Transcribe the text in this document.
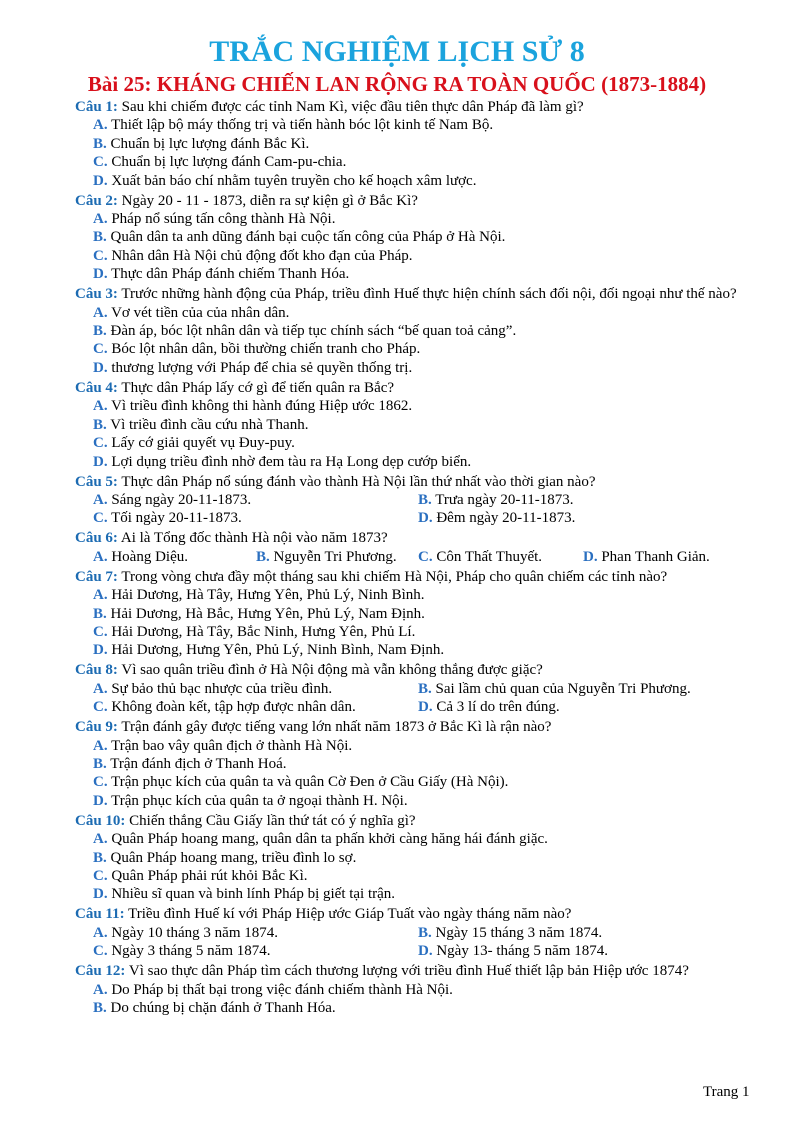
TRẮC NGHIỆM LỊCH SỬ 8
Bài 25: KHÁNG CHIẾN LAN RỘNG RA TOÀN QUỐC (1873-1884)
Câu 1: Sau khi chiếm được các tỉnh Nam Kì, việc đầu tiên thực dân Pháp đã làm gì?
A. Thiết lập bộ máy thống trị và tiến hành bóc lột kinh tế Nam Bộ.
B. Chuẩn bị lực lượng đánh Bắc Kì.
C. Chuẩn bị lực lượng đánh Cam-pu-chia.
D. Xuất bản báo chí nhằm tuyên truyền cho kế hoạch xâm lược.
Câu 2: Ngày 20 - 11 - 1873, diễn ra sự kiện gì ở Bắc Kì?
A. Pháp nổ súng tấn công thành Hà Nội.
B. Quân dân ta anh dũng đánh bại cuộc tấn công của Pháp ở Hà Nội.
C. Nhân dân Hà Nội chủ động đốt kho đạn của Pháp.
D. Thực dân Pháp đánh chiếm Thanh Hóa.
Câu 3: Trước những hành động của Pháp, triều đình Huế thực hiện chính sách đối nội, đối ngoại như thế nào?
A. Vơ vét tiền của của nhân dân.
B. Đàn áp, bóc lột nhân dân và tiếp tục chính sách “bế quan toả cảng”.
C. Bóc lột nhân dân, bồi thường chiến tranh cho Pháp.
D. thương lượng với Pháp để chia sẻ quyền thống trị.
Câu 4: Thực dân Pháp lấy cớ gì để tiến quân ra Bắc?
A. Vì triều đình không thi hành đúng Hiệp ước 1862.
B. Vì triều đình cầu cứu nhà Thanh.
C. Lấy cớ giải quyết vụ Đuy-puy.
D. Lợi dụng triều đình nhờ đem tàu ra Hạ Long dẹp cướp biển.
Câu 5: Thực dân Pháp nổ súng đánh vào thành Hà Nội lần thứ nhất vào thời gian nào?
A. Sáng ngày 20-11-1873.	B. Trưa ngày 20-11-1873.
C. Tối ngày 20-11-1873.	D. Đêm ngày 20-11-1873.
Câu 6: Ai là Tổng đốc thành Hà nội vào năm 1873?
A. Hoàng Diệu.	B. Nguyễn Tri Phương.	C. Côn Thất Thuyết.	D. Phan Thanh Giản.
Câu 7: Trong vòng chưa đầy một tháng sau khi chiếm Hà Nội, Pháp cho quân chiếm các tỉnh nào?
A. Hải Dương, Hà Tây, Hưng Yên, Phủ Lý, Ninh Bình.
B. Hải Dương, Hà Bắc, Hưng Yên, Phủ Lý, Nam Định.
C. Hải Dương, Hà Tây, Bắc Ninh, Hưng Yên, Phủ Lí.
D. Hải Dương, Hưng Yên, Phủ Lý, Ninh Bình, Nam Định.
Câu 8: Vì sao quân triều đình ở Hà Nội động mà vẫn không thắng được giặc?
A. Sự bảo thủ bạc nhược của triều đình.	B. Sai lầm chủ quan của Nguyễn Tri Phương.
C. Không đoàn kết, tập hợp được nhân dân.	D. Cả 3 lí do trên đúng.
Câu 9: Trận đánh gây được tiếng vang lớn nhất năm 1873 ở Bắc Kì là rận nào?
A. Trận bao vây quân địch ở thành Hà Nội.
B. Trận đánh địch ở Thanh Hoá.
C. Trận phục kích của quân ta và quân Cờ Đen ở Cầu Giấy (Hà Nội).
D. Trận phục kích của quân ta ở ngoại thành H. Nội.
Câu 10: Chiến thắng Cầu Giấy lần thứ tát có ý nghĩa gì?
A. Quân Pháp hoang mang, quân dân ta phấn khởi càng hăng hái đánh giặc.
B. Quân Pháp hoang mang, triều đình lo sợ.
C. Quân Pháp phải rút khỏi Bắc Kì.
D. Nhiều sĩ quan và binh lính Pháp bị giết tại trận.
Câu 11: Triều đình Huế kí với Pháp Hiệp ước Giáp Tuất vào ngày tháng năm nào?
A. Ngày 10 tháng 3 năm 1874.	B. Ngày 15 tháng 3 năm 1874.
C. Ngày 3 tháng 5 năm 1874.	D. Ngày 13- tháng 5 năm 1874.
Câu 12: Vì sao thực dân Pháp tìm cách thương lượng với triều đình Huế thiết lập bản Hiệp ước 1874?
A. Do Pháp bị thất bại trong việc đánh chiếm thành Hà Nội.
B. Do chúng bị chặn đánh ở Thanh Hóa.
Trang 1
